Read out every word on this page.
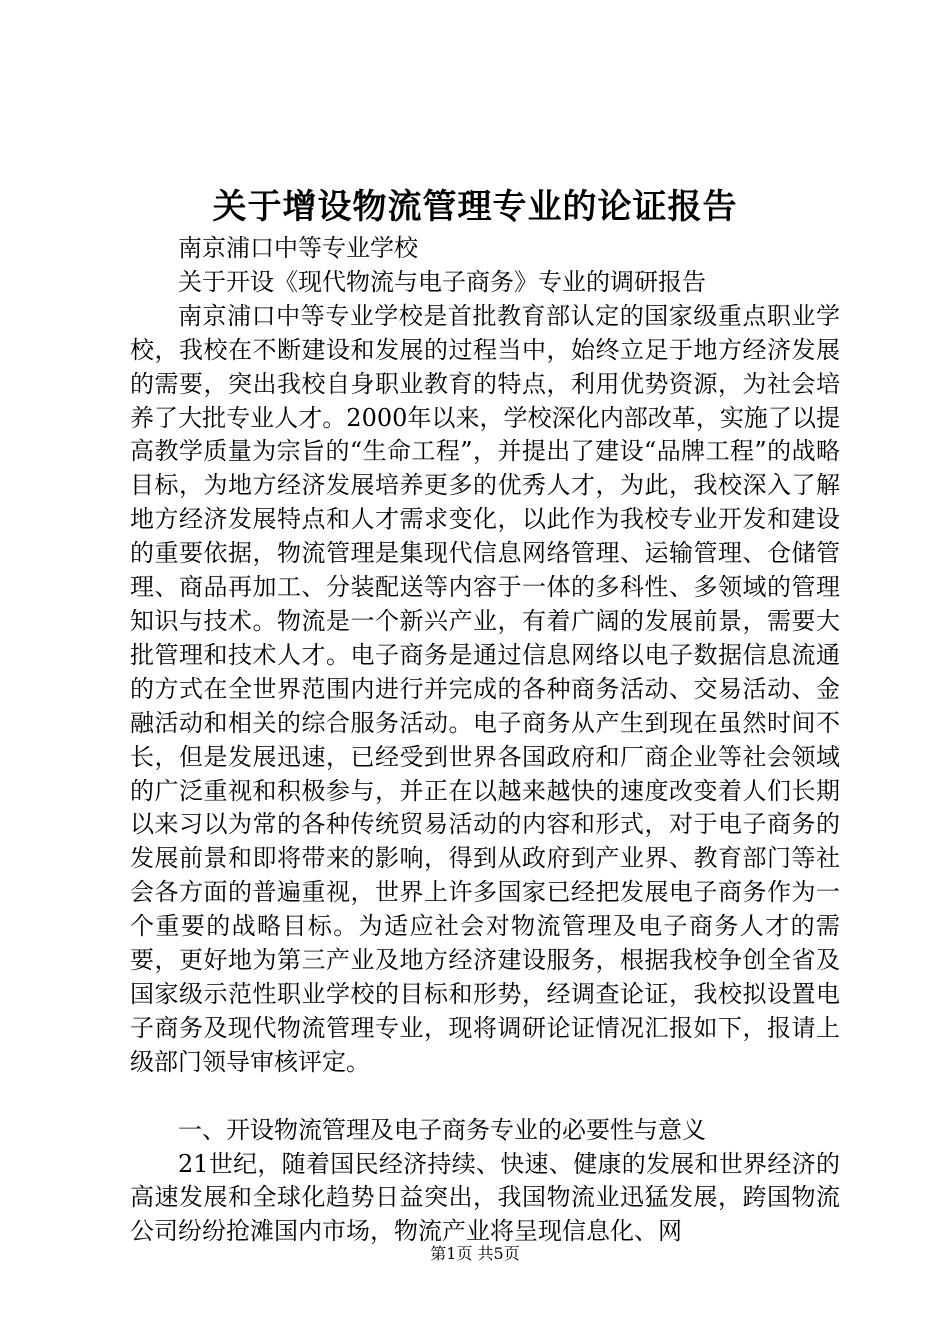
关于增设物流管理专业的论证报告

南京浦口中等专业学校

关于开设《现代物流与电子商务》专业的调研报告

南京浦口中等专业学校是首批教育部认定的国家级重点职业学校，我校在不断建设和发展的过程当中，始终立足于地方经济发展的需要，突出我校自身职业教育的特点，利用优势资源，为社会培养了大批专业人才。2000年以来，学校深化内部改革，实施了以提高教学质量为宗旨的“生命工程”，并提出了建设“品牌工程”的战略目标，为地方经济发展培养更多的优秀人才，为此，我校深入了解地方经济发展特点和人才需求变化，以此作为我校专业开发和建设的重要依据，物流管理是集现代信息网络管理、运输管理、仓储管理、商品再加工、分装配送等内容于一体的多科性、多领域的管理知识与技术。物流是一个新兴产业，有着广阔的发展前景，需要大批管理和技术人才。电子商务是通过信息网络以电子数据信息流通的方式在全世界范围内进行并完成的各种商务活动、交易活动、金融活动和相关的综合服务活动。电子商务从产生到现在虽然时间不长，但是发展迅速，已经受到世界各国政府和厂商企业等社会领域的广泛重视和积极参与，并正在以越来越快的速度改变着人们长期以来习以为常的各种传统贸易活动的内容和形式，对于电子商务的发展前景和即将带来的影响，得到从政府到产业界、教育部门等社会各方面的普遍重视，世界上许多国家已经把发展电子商务作为一个重要的战略目标。为适应社会对物流管理及电子商务人才的需要，更好地为第三产业及地方经济建设服务，根据我校争创全省及国家级示范性职业学校的目标和形势，经调查论证，我校拟设置电子商务及现代物流管理专业，现将调研论证情况汇报如下，报请上级部门领导审核评定。

一、开设物流管理及电子商务专业的必要性与意义

21世纪，随着国民经济持续、快速、健康的发展和世界经济的高速发展和全球化趋势日益突出，我国物流业迅猛发展，跨国物流公司纷纷抢滩国内市场，物流产业将呈现信息化、网

第1页 共5页
